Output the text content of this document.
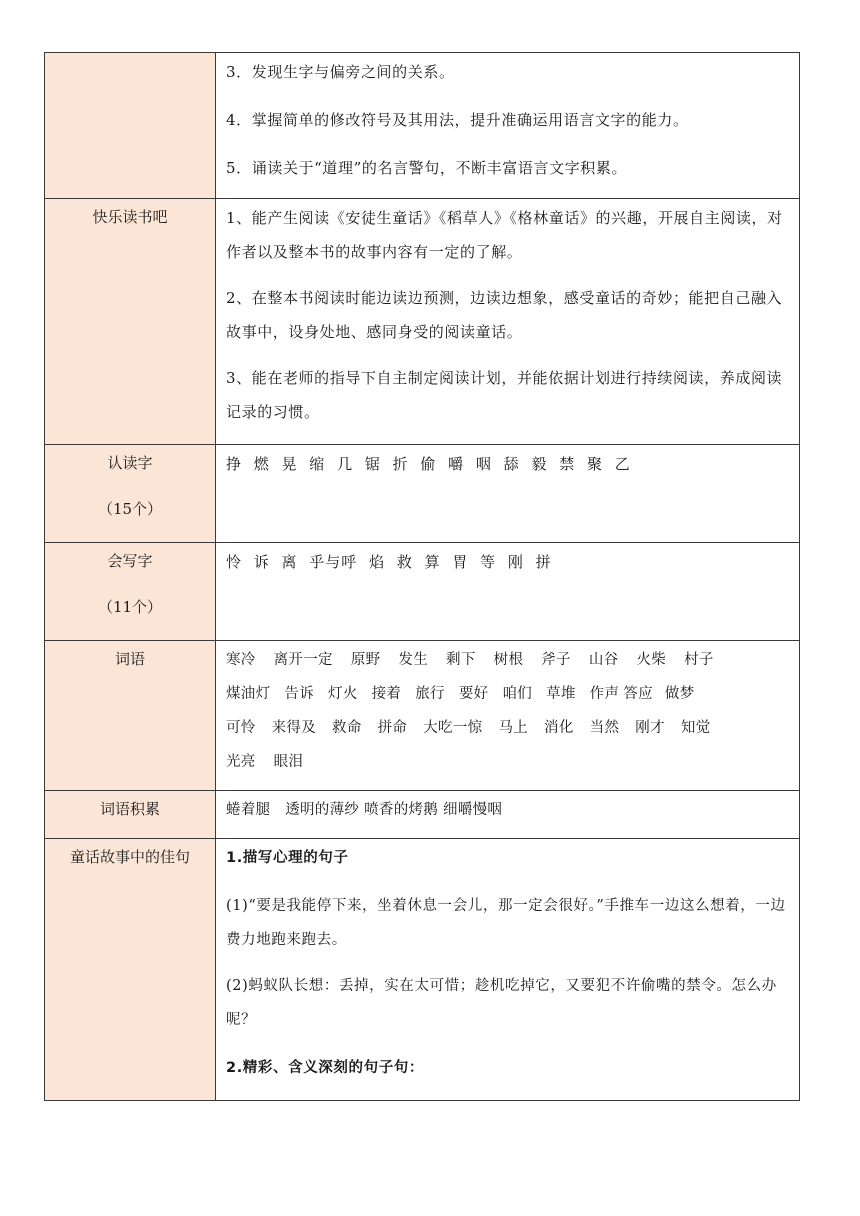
	3．发现生字与偏旁之间的关系。

4．掌握简单的修改符号及其用法，提升准确运用语言文字的能力。

5．诵读关于“道理”的名言警句，不断丰富语言文字积累。

快乐读书吧	1、能产生阅读《安徒生童话》《稻草人》《格林童话》的兴趣，开展自主阅读，对作者以及整本书的故事内容有一定的了解。

2、在整本书阅读时能边读边预测，边读边想象，感受童话的奇妙；能把自己融入故事中，设身处地、感同身受的阅读童话。

3、能在老师的指导下自主制定阅读计划，并能依据计划进行持续阅读，养成阅读记录的习惯。

认读字
（15个）	挣 燃 晃 缩 几 锯 折 偷 嚼 咽 舔 毅 禁 聚 乙

会写字
（11个）	怜 诉 离 乎与呼 焰 救 算 胃 等 刚 拼

词语	寒冷 离开一定 原野 发生 剩下 树根 斧子 山谷 火柴 村子
煤油灯 告诉 灯火 接着 旅行 要好 咱们 草堆 作声 答应 做梦
可怜 来得及 救命 拼命 大吃一惊 马上 消化 当然 刚才 知觉
光亮 眼泪

词语积累	蜷着腿　透明的薄纱 喷香的烤鹅 细嚼慢咽

童话故事中的佳句	1.描写心理的句子

(1)“要是我能停下来，坐着休息一会儿，那一定会很好。”手推车一边这么想着，一边费力地跑来跑去。

(2)蚂蚁队长想：丢掉，实在太可惜；趁机吃掉它，又要犯不许偷嘴的禁令。怎么办呢？

2.精彩、含义深刻的句子句：
